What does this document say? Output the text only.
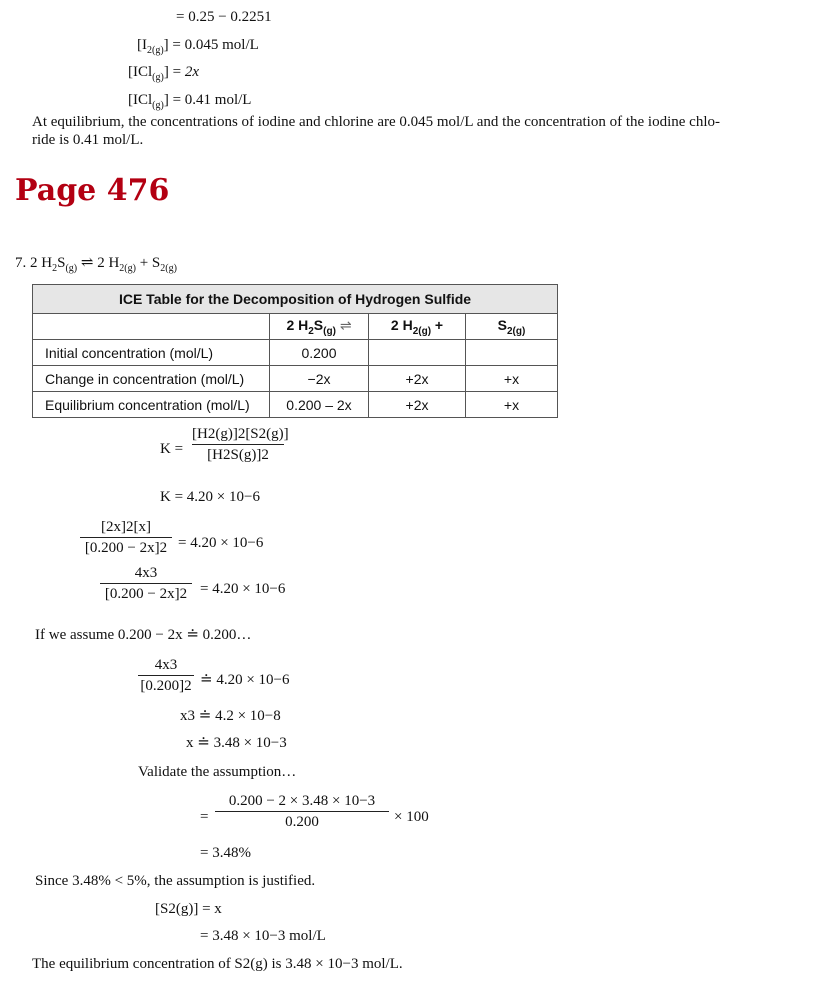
= 0.25 − 0.2251
$[I_{2(g)}] = 0.045$ mol/L
[ICl$_{(g)}$] = 2x
[ICl$_{(g)}$] = 0.41 mol/L
At equilibrium, the concentrations of iodine and chlorine are 0.045 mol/L and the concentration of the iodine chlo-
ride is 0.41 mol/L.
Page 476
7. 2 $H_2S_{(g)}$ ⇌ 2 $H_{2(g)} + S_{2(g)}$
ICE Table for the Decomposition of Hydrogen Sulfide			
	2 $H_2S_{(g)}$ ⇌	2 $H_{2(g)}$ +	$S_{2(g)}$
Initial concentration (mol/L)	0.200		
Change in concentration (mol/L)	−2x	+2x	+x
Equilibrium concentration (mol/L)	0.200 – 2x	+2x	+x
K =
[H2(g)]2[S2(g)]
[H2S(g)]2
K = 4.20 × 10−6
[2x]2[x]
[0.200 − 2x]2 = 4.20 × 10−6
4x3
[0.200 − 2x]2 = 4.20 × 10−6
If we assume 0.200 − 2x ≐ 0.200…
4x3
[0.200]2 ≐ 4.20 × 10−6
x3 ≐ 4.2 × 10−8
x ≐ 3.48 × 10−3
Validate the assumption…
=
0.200 − 2 × 3.48 × 10−3
0.200	× 100
= 3.48%
Since 3.48% < 5%, the assumption is justified.
[S2(g)] = x
= 3.48 × 10−3 mol/L
The equilibrium concentration of S2(g) is 3.48 × 10−3 mol/L.
